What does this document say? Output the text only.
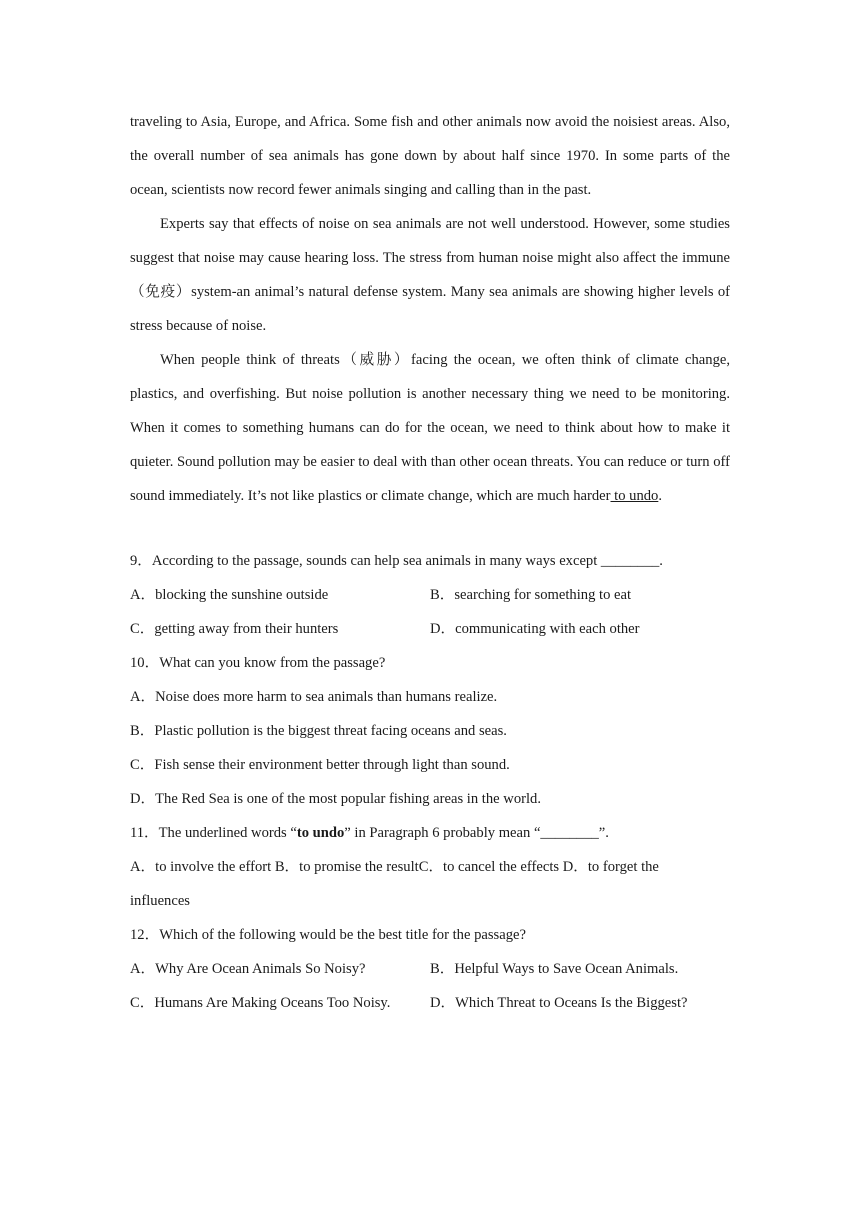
traveling to Asia, Europe, and Africa. Some fish and other animals now avoid the noisiest areas. Also, the overall number of sea animals has gone down by about half since 1970. In some parts of the ocean, scientists now record fewer animals singing and calling than in the past.

Experts say that effects of noise on sea animals are not well understood. However, some studies suggest that noise may cause hearing loss. The stress from human noise might also affect the immune（免疫）system-an animal’s natural defense system. Many sea animals are showing higher levels of stress because of noise.

When people think of threats（威胁）facing the ocean, we often think of climate change, plastics, and overfishing. But noise pollution is another necessary thing we need to be monitoring. When it comes to something humans can do for the ocean, we need to think about how to make it quieter. Sound pollution may be easier to deal with than other ocean threats. You can reduce or turn off sound immediately. It’s not like plastics or climate change, which are much harder to undo.

9．According to the passage, sounds can help sea animals in many ways except ________.

A．blocking the sunshine outside	B．searching for something to eat
C．getting away from their hunters	D．communicating with each other

10．What can you know from the passage?

A．Noise does more harm to sea animals than humans realize.

B．Plastic pollution is the biggest threat facing oceans and seas.

C．Fish sense their environment better through light than sound.

D．The Red Sea is one of the most popular fishing areas in the world.

11．The underlined words “to undo” in Paragraph 6 probably mean “________”.

A．to involve the effort B．to promise the resultC．to cancel the effects D．to forget the

influences

12．Which of the following would be the best title for the passage?

A．Why Are Ocean Animals So Noisy?	B．Helpful Ways to Save Ocean Animals.
C．Humans Are Making Oceans Too Noisy.	D．Which Threat to Oceans Is the Biggest?
